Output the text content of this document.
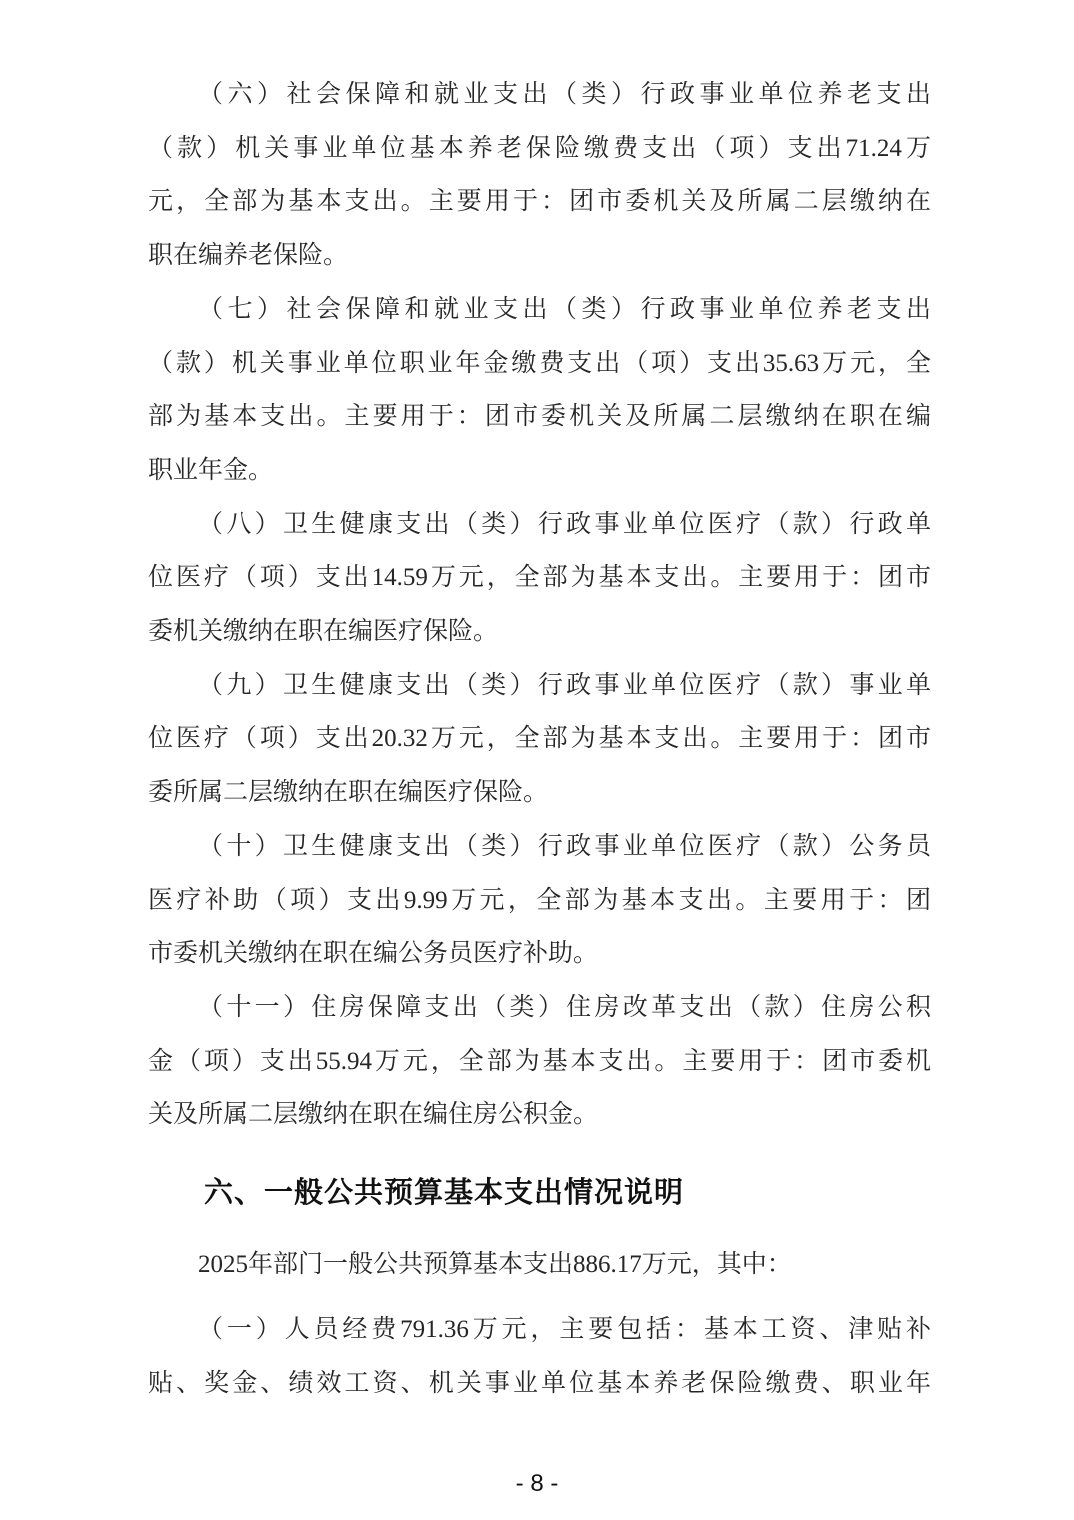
（六）社会保障和就业支出（类）行政事业单位养老支出
（款）机关事业单位基本养老保险缴费支出（项）支出71.24万
元，全部为基本支出。主要用于：团市委机关及所属二层缴纳在
职在编养老保险。
（七）社会保障和就业支出（类）行政事业单位养老支出
（款）机关事业单位职业年金缴费支出（项）支出35.63万元，全
部为基本支出。主要用于：团市委机关及所属二层缴纳在职在编
职业年金。
（八）卫生健康支出（类）行政事业单位医疗（款）行政单
位医疗（项）支出14.59万元，全部为基本支出。主要用于：团市
委机关缴纳在职在编医疗保险。
（九）卫生健康支出（类）行政事业单位医疗（款）事业单
位医疗（项）支出20.32万元，全部为基本支出。主要用于：团市
委所属二层缴纳在职在编医疗保险。
（十）卫生健康支出（类）行政事业单位医疗（款）公务员
医疗补助（项）支出9.99万元，全部为基本支出。主要用于：团
市委机关缴纳在职在编公务员医疗补助。
（十一）住房保障支出（类）住房改革支出（款）住房公积
金（项）支出55.94万元，全部为基本支出。主要用于：团市委机
关及所属二层缴纳在职在编住房公积金。
六、一般公共预算基本支出情况说明
2025年部门一般公共预算基本支出886.17万元，其中：
（一）人员经费791.36万元，主要包括：基本工资、津贴补
贴、奖金、绩效工资、机关事业单位基本养老保险缴费、职业年
- 8 -
